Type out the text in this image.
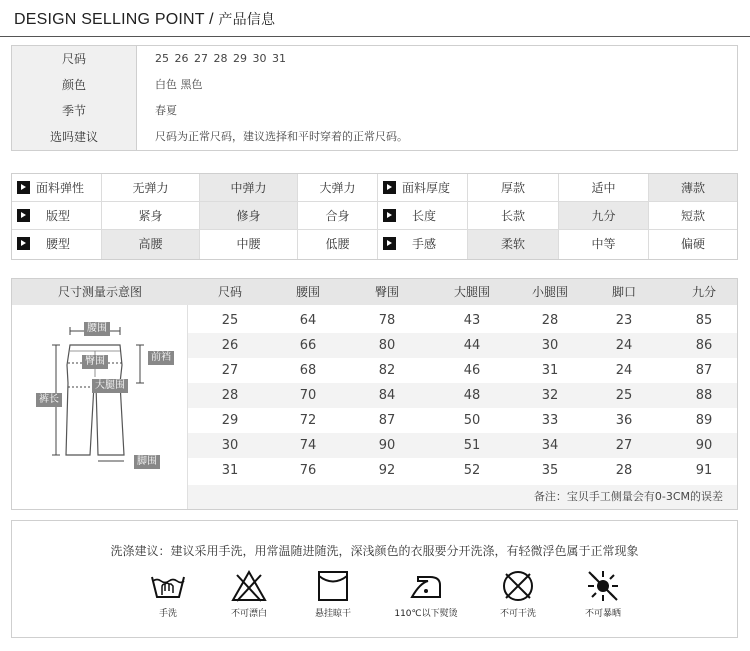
DESIGN SELLING POINT / 产品信息
尺码	25 26 27 28 29 30 31
颜色	白色 黑色
季节	春夏
选吗建议	尺码为正常尺码，建议选择和平时穿着的正常尺码。
面料弹性	无弹力	中弹力	大弹力	面料厚度	厚款	适中	薄款
版型	紧身	修身	合身	长度	长款	九分	短款
腰型	高腰	中腰	低腰	手感	柔软	中等	偏硬
尺寸测量示意图	尺码	腰围	臀围	大腿围	小腿围	脚口	九分
腰围
臀围	前裆
大腿围
裤长
脚围
25	64	78	43	28	23	85
26	66	80	44	30	24	86
27	68	82	46	31	24	87
28	70	84	48	32	25	88
29	72	87	50	33	36	89
30	74	90	51	34	27	90
31	76	92	52	35	28	91
备注：宝贝手工侧量会有0-3CM的误差
洗涤建议：建议采用手洗，用常温随进随洗，深浅颜色的衣服要分开洗涤，有轻微浮色属于正常现象
手洗	不可漂白	悬挂晾干	110℃以下熨烫	不可干洗	不可暴晒
